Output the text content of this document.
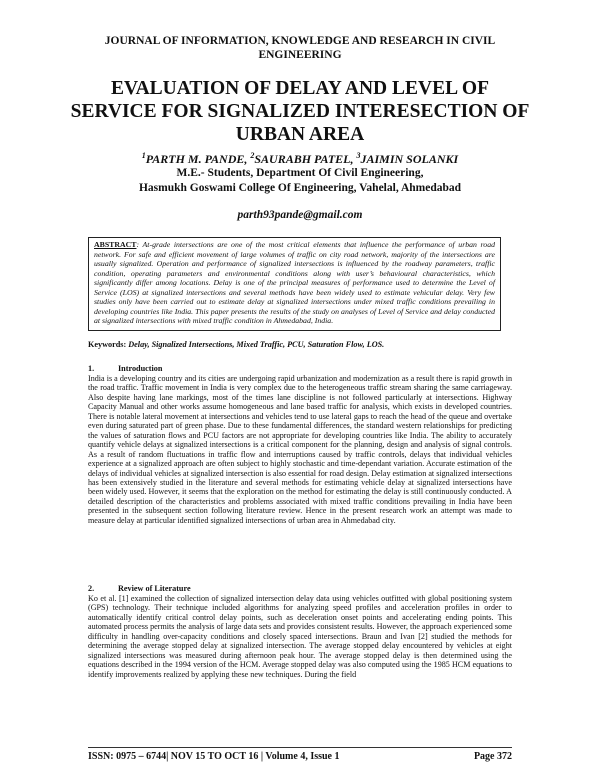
JOURNAL OF INFORMATION, KNOWLEDGE AND RESEARCH IN CIVIL ENGINEERING
EVALUATION OF DELAY AND LEVEL OF SERVICE FOR SIGNALIZED INTERESECTION OF URBAN AREA
$^1$PARTH M. PANDE, $^2$SAURABH PATEL, $^3$JAIMIN SOLANKI
M.E.- Students, Department Of Civil Engineering,
Hasmukh Goswami College Of Engineering, Vahelal, Ahmedabad
parth93pande@gmail.com
ABSTRACT: At-grade intersections are one of the most critical elements that influence the performance of urban road network. For safe and efficient movement of large volumes of traffic on city road network, majority of the intersections are usually signalized. Operation and performance of signalized intersections is influenced by the roadway parameters, traffic condition, operating parameters and environmental conditions along with user’s behavioural characteristics, which significantly differ among locations. Delay is one of the principal measures of performance used to determine the Level of Service (LOS) at signalized intersections and several methods have been widely used to estimate vehicular delay. Very few studies only have been carried out to estimate delay at signalized intersections under mixed traffic conditions prevailing in developing countries like India. This paper presents the results of the study on analyses of Level of Service and delay conducted at signalized intersections with mixed traffic condition in Ahmedabad, India.
Keywords: Delay, Signalized Intersections, Mixed Traffic, PCU, Saturation Flow, LOS.
1.	Introduction
India is a developing country and its cities are undergoing rapid urbanization and modernization as a result there is rapid growth in the road traffic. Traffic movement in India is very complex due to the heterogeneous traffic stream sharing the same carriageway. Also despite having lane markings, most of the times lane discipline is not followed particularly at intersections. Highway Capacity Manual and other works assume homogeneous and lane based traffic for analysis, which exists in developed countries. There is notable lateral movement at intersections and vehicles tend to use lateral gaps to reach the head of the queue and overtake even during saturated part of green phase. Due to these fundamental differences, the standard western relationships for predicting the values of saturation flows and PCU factors are not appropriate for developing countries like India. The ability to accurately quantify vehicle delays at signalized intersections is a critical component for the planning, design and analysis of signal controls. As a result of random fluctuations in traffic flow and interruptions caused by traffic controls, delays that individual vehicles experience at a signalized approach are often subject to highly stochastic and time-dependant variation. Accurate estimation of the delays of individual vehicles at signalized intersection is also essential for road design. Delay estimation at signalized intersections has been extensively studied in the literature and several methods for estimating vehicle delay at signalized intersections have been widely used. However, it seems that the exploration on the method for estimating the delay is still continuously conducted. A detailed description of the characteristics and problems associated with mixed traffic conditions prevailing in India have been presented in the subsequent section following literature review. Hence in the present research work an attempt was made to measure delay at particular identified signalized intersections of urban area in Ahmedabad city.
2.	Review of Literature
Ko et al. [1] examined the collection of signalized intersection delay data using vehicles outfitted with global positioning system (GPS) technology. Their technique included algorithms for analyzing speed profiles and acceleration profiles in order to automatically identify critical control delay points, such as deceleration onset points and accelerating ending points. This automated process permits the analysis of large data sets and provides consistent results. However, the approach experienced some difficulty in handling over-capacity conditions and closely spaced intersections. Braun and Ivan [2] studied the methods for determining the average stopped delay at signalized intersection. The average stopped delay encountered by vehicles at eight signalized intersections was measured during afternoon peak hour. The average stopped delay is then determined using the equations described in the 1994 version of the HCM. Average stopped delay was also computed using the 1985 HCM equations to identify improvements realized by applying these new techniques. During the field
ISSN: 0975 – 6744| NOV 15 TO OCT 16 | Volume 4, Issue 1	Page 372
